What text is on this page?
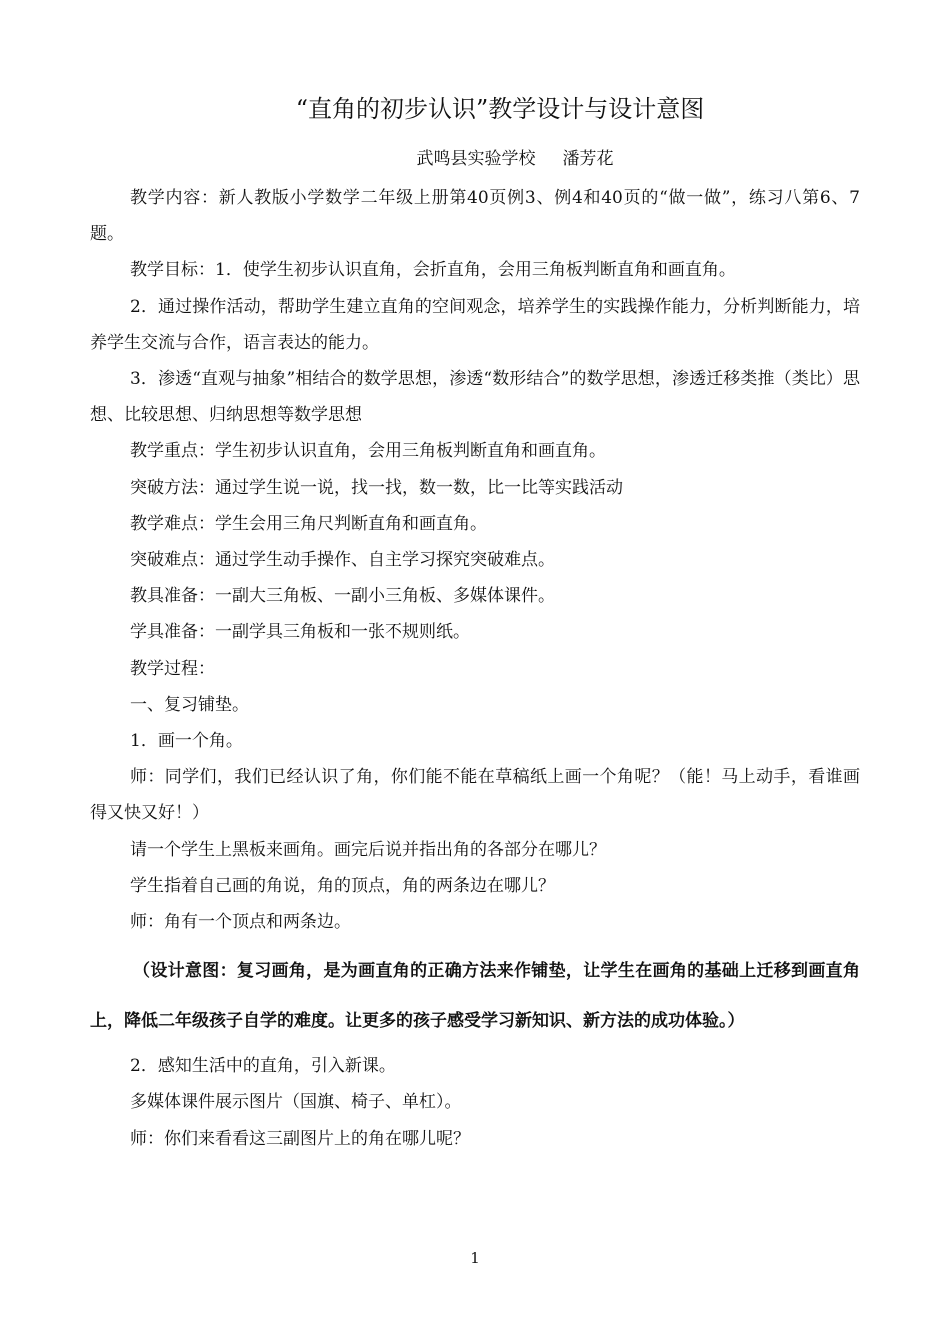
“直角的初步认识”教学设计与设计意图
武鸣县实验学校     潘芳花

教学内容：新人教版小学数学二年级上册第40页例3、例4和40页的“做一做”，练习八第6、7题。

教学目标：1．使学生初步认识直角，会折直角，会用三角板判断直角和画直角。

2．通过操作活动，帮助学生建立直角的空间观念，培养学生的实践操作能力，分析判断能力，培养学生交流与合作，语言表达的能力。

3．渗透“直观与抽象”相结合的数学思想，渗透“数形结合”的数学思想，渗透迁移类推（类比）思想、比较思想、归纳思想等数学思想

教学重点：学生初步认识直角，会用三角板判断直角和画直角。

突破方法：通过学生说一说，找一找，数一数，比一比等实践活动

教学难点：学生会用三角尺判断直角和画直角。

突破难点：通过学生动手操作、自主学习探究突破难点。

教具准备：一副大三角板、一副小三角板、多媒体课件。

学具准备：一副学具三角板和一张不规则纸。

教学过程：

一、复习铺垫。

1．画一个角。

师：同学们，我们已经认识了角，你们能不能在草稿纸上画一个角呢？（能！马上动手，看谁画得又快又好！）

请一个学生上黑板来画角。画完后说并指出角的各部分在哪儿？

学生指着自己画的角说，角的顶点，角的两条边在哪儿？

师：角有一个顶点和两条边。

（设计意图：复习画角，是为画直角的正确方法来作铺垫，让学生在画角的基础上迁移到画直角上，降低二年级孩子自学的难度。让更多的孩子感受学习新知识、新方法的成功体验。）

2．感知生活中的直角，引入新课。

多媒体课件展示图片（国旗、椅子、单杠）。

师：你们来看看这三副图片上的角在哪儿呢？

1
